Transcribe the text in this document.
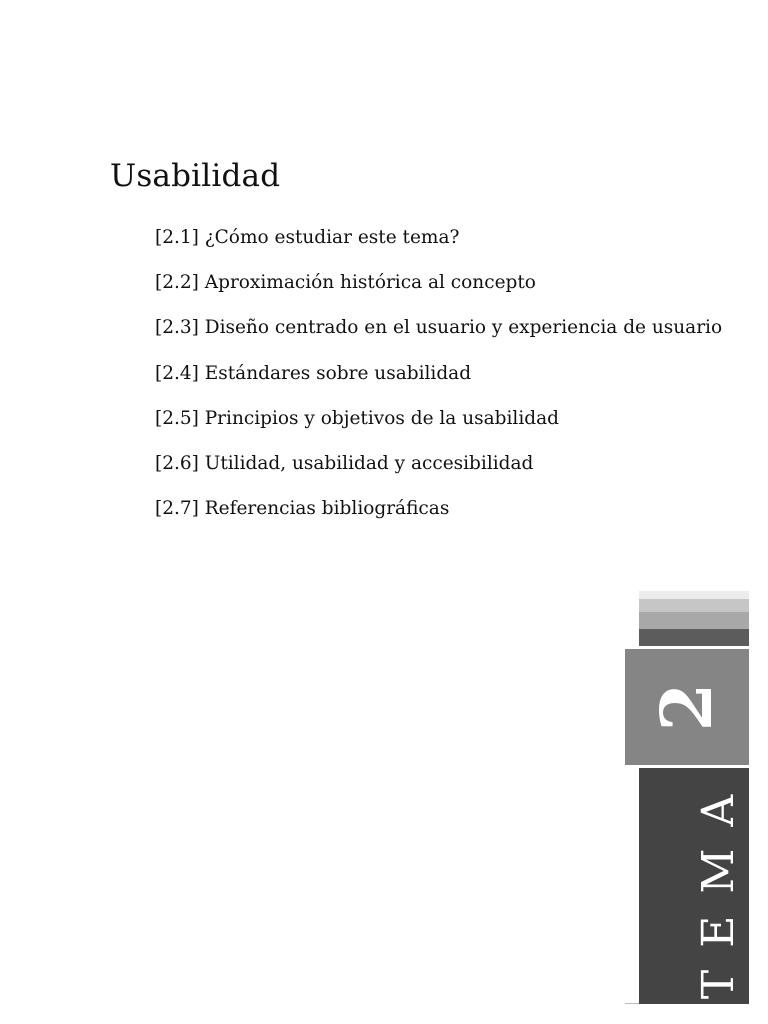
Usabilidad
[2.1] ¿Cómo estudiar este tema?
[2.2] Aproximación histórica al concepto
[2.3] Diseño centrado en el usuario y experiencia de usuario
[2.4] Estándares sobre usabilidad
[2.5] Principios y objetivos de la usabilidad
[2.6] Utilidad, usabilidad y accesibilidad
[2.7] Referencias bibliográficas
2
TEMA
